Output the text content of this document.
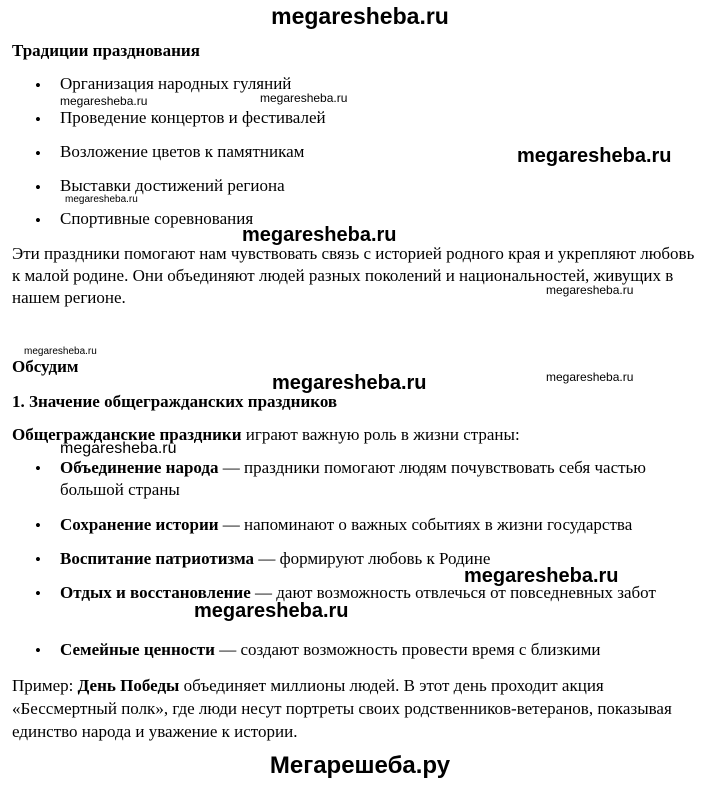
megaresheba.ru
Традиции празднования
• Организация народных гуляний
• Проведение концертов и фестивалей
• Возложение цветов к памятникам
• Выставки достижений региона
• Спортивные соревнования
Эти праздники помогают нам чувствовать связь с историей родного края и укрепляют любовь к малой родине. Они объединяют людей разных поколений и национальностей, живущих в нашем регионе.
Обсудим
1. Значение общегражданских праздников
Общегражданские праздники играют важную роль в жизни страны:
• Объединение народа — праздники помогают людям почувствовать себя частью большой страны
• Сохранение истории — напоминают о важных событиях в жизни государства
• Воспитание патриотизма — формируют любовь к Родине
• Отдых и восстановление — дают возможность отвлечься от повседневных забот
• Семейные ценности — создают возможность провести время с близкими
Пример: День Победы объединяет миллионы людей. В этот день проходит акция «Бессмертный полк», где люди несут портреты своих родственников-ветеранов, показывая единство народа и уважение к истории.
Мегарешеба.ру
megaresheba.ru	megaresheba.ru
megaresheba.ru
megaresheba.ru
megaresheba.ru
megaresheba.ru
megaresheba.ru
megaresheba.ru	megaresheba.ru
megaresheba.ru
megaresheba.ru
megaresheba.ru
